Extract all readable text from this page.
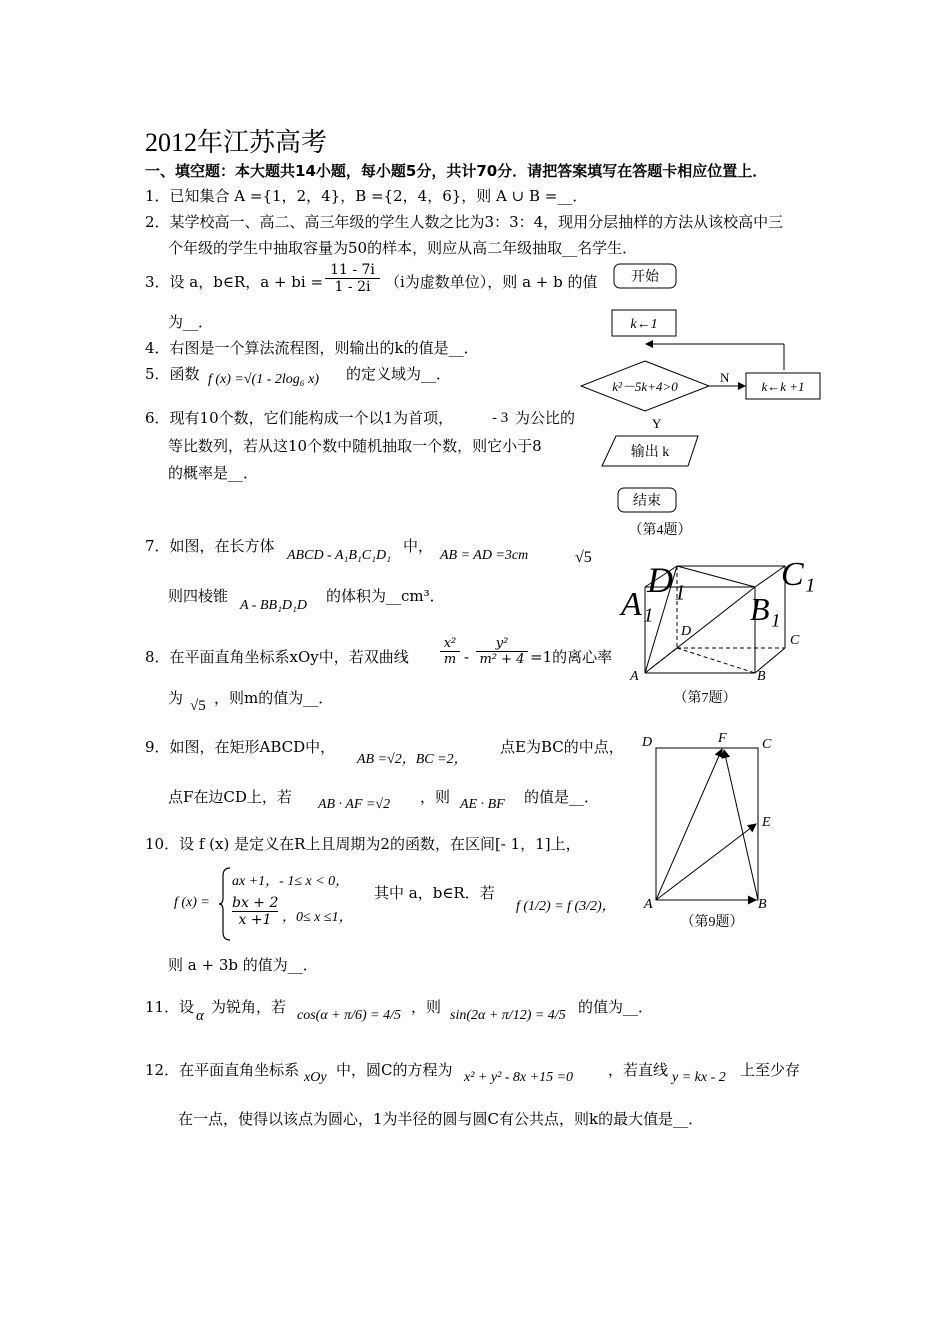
2012年江苏高考
一、填空题：本大题共14小题，每小题5分，共计70分．请把答案填写在答题卡相应位置上．
1．已知集合 A ={1，2，4}，B ={2，4，6}，则 A ∪ B =__．
2．某学校高一、高二、高三年级的学生人数之比为3：3：4，现用分层抽样的方法从该校高中三
个年级的学生中抽取容量为50的样本，则应从高二年级抽取__名学生．
3．设 a，b∈R，a + bi = $\frac{11 - 7i}{1 - 2i} (i$为虚数单位），则 a + b 的值
为__．
4．右图是一个算法流程图，则输出的k的值是__．
5．函数 f (x) =√(1 - 2log₆ x) 的定义域为__．
6．现有10个数，它们能构成一个以1为首项，	- 3 为公比的
等比数列，若从这10个数中随机抽取一个数，则它小于8
的概率是__．
7．如图，在长方体
ABCD - A₁B₁C₁D₁
中，
AB = AD =3cm
则四棱锥
A - BB₁D₁D
的体积为__cm³．
8．在平面直角坐标系xOy中，若双曲线 $\frac{\text{x²}}{m} - \frac{\text{y²}}{\text{m² + 4}} =1$的离心率
为 √5 ，则m的值为__．
9．如图，在矩形ABCD中，
AB =√2，BC =2，
点E为BC的中点，
点F在边CD上，若 AB · AF =√2 ，则 AE · BF 的值是__．
10．设 f (x) 是定义在R上且周期为2的函数，在区间[- 1，1]上，
f (x) =
ax +1，- 1≤ x < 0，
$\frac{bx + 2}{x +1}$ ，0≤ x ≤1，
其中 a，b∈R．若
f (1/2) = f (3/2)，
则 a + 3b 的值为__．
11．设 α 为锐角，若 cos(α + π/6) = 4/5 ，则 sin(2α + π/12) = 4/5 的值为__．
12．在平面直角坐标系 xOy 中，圆C的方程为 x² + y² - 8x +15 =0 ，若直线 y = kx - 2 上至少存
在一点，使得以该点为圆心，1为半径的圆与圆C有公共点，则k的最大值是__．
开始
k←1
k²－5k+4>0
N
k←k +1
Y
输出 k
结束
（第4题）
√5
A₁
D₁	C₁
B₁
A	B
C
D
（第7题）
D	F	C
E
A	B
（第9题）
